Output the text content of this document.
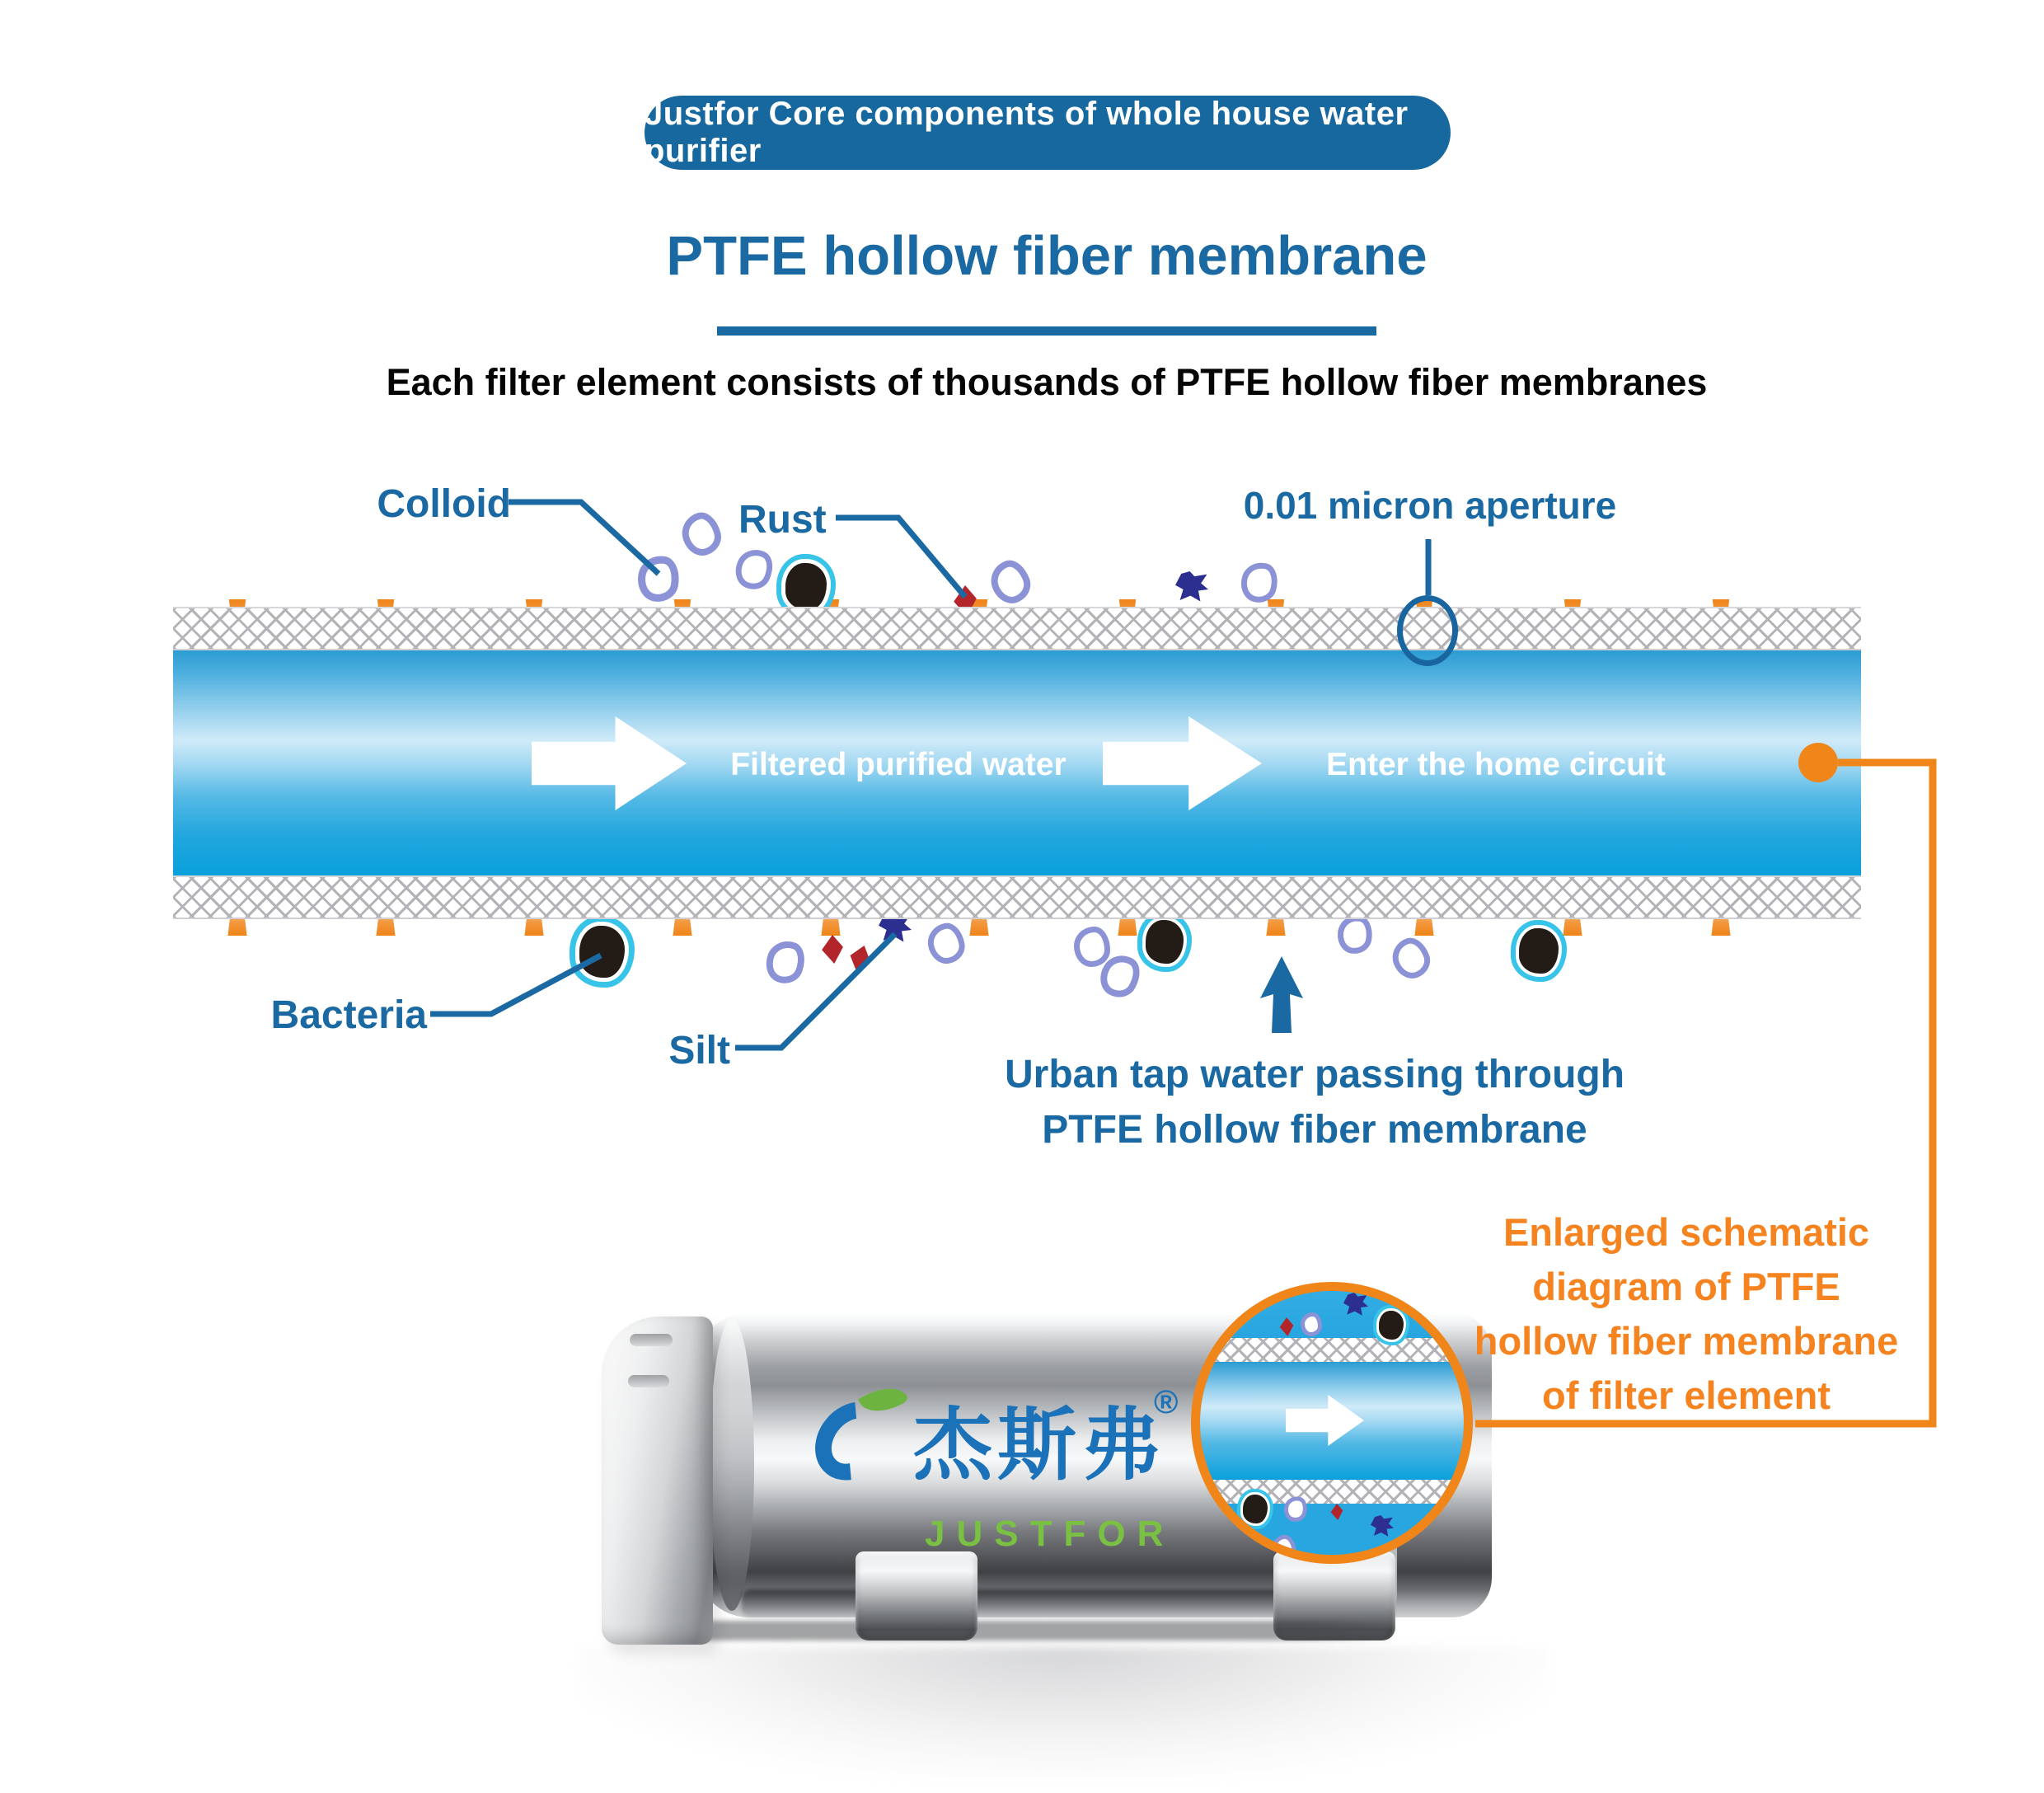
Justfor Core components of whole house water purifier
PTFE hollow fiber membrane
Each filter element consists of thousands of PTFE hollow fiber membranes
Filtered purified water	Enter the home circuit
Colloid	Rust	0.01 micron aperture
Bacteria
Silt
Urban tap water passing through
PTFE hollow fiber membrane
Enlarged schematic
diagram of PTFE
hollow fiber membrane
of filter element
杰斯弗
®
JUSTFOR
